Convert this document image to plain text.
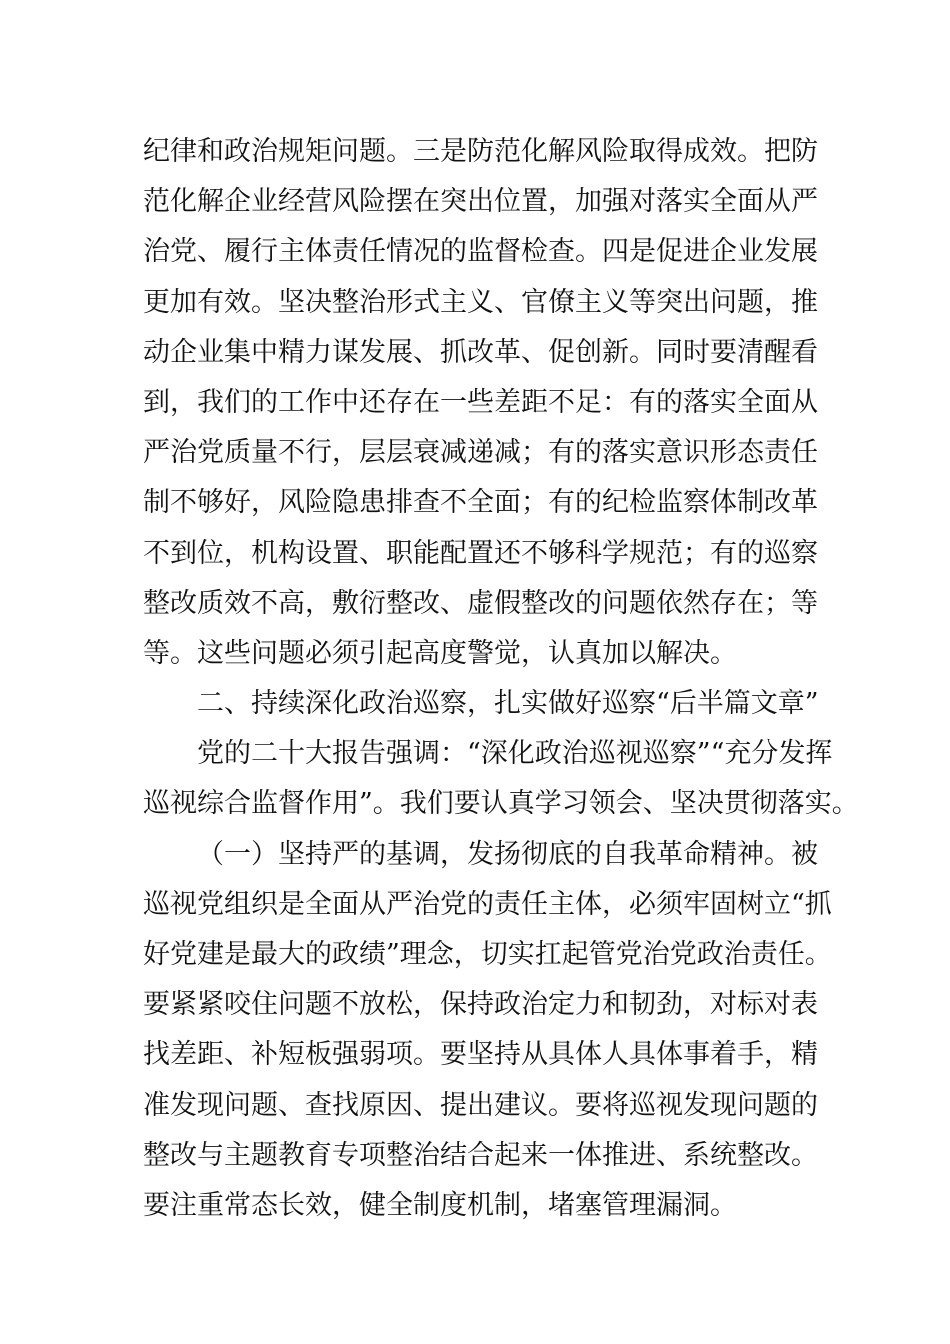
纪律和政治规矩问题。三是防范化解风险取得成效。把防
范化解企业经营风险摆在突出位置，加强对落实全面从严
治党、履行主体责任情况的监督检查。四是促进企业发展
更加有效。坚决整治形式主义、官僚主义等突出问题，推
动企业集中精力谋发展、抓改革、促创新。同时要清醒看
到，我们的工作中还存在一些差距不足：有的落实全面从
严治党质量不行，层层衰减递减；有的落实意识形态责任
制不够好，风险隐患排查不全面；有的纪检监察体制改革
不到位，机构设置、职能配置还不够科学规范；有的巡察
整改质效不高，敷衍整改、虚假整改的问题依然存在；等
等。这些问题必须引起高度警觉，认真加以解决。
二、持续深化政治巡察，扎实做好巡察“后半篇文章”
党的二十大报告强调：“深化政治巡视巡察”“充分发挥
巡视综合监督作用”。我们要认真学习领会、坚决贯彻落实。
（一）坚持严的基调，发扬彻底的自我革命精神。被
巡视党组织是全面从严治党的责任主体，必须牢固树立“抓
好党建是最大的政绩”理念，切实扛起管党治党政治责任。
要紧紧咬住问题不放松，保持政治定力和韧劲，对标对表
找差距、补短板强弱项。要坚持从具体人具体事着手，精
准发现问题、查找原因、提出建议。要将巡视发现问题的
整改与主题教育专项整治结合起来一体推进、系统整改。
要注重常态长效，健全制度机制，堵塞管理漏洞。
